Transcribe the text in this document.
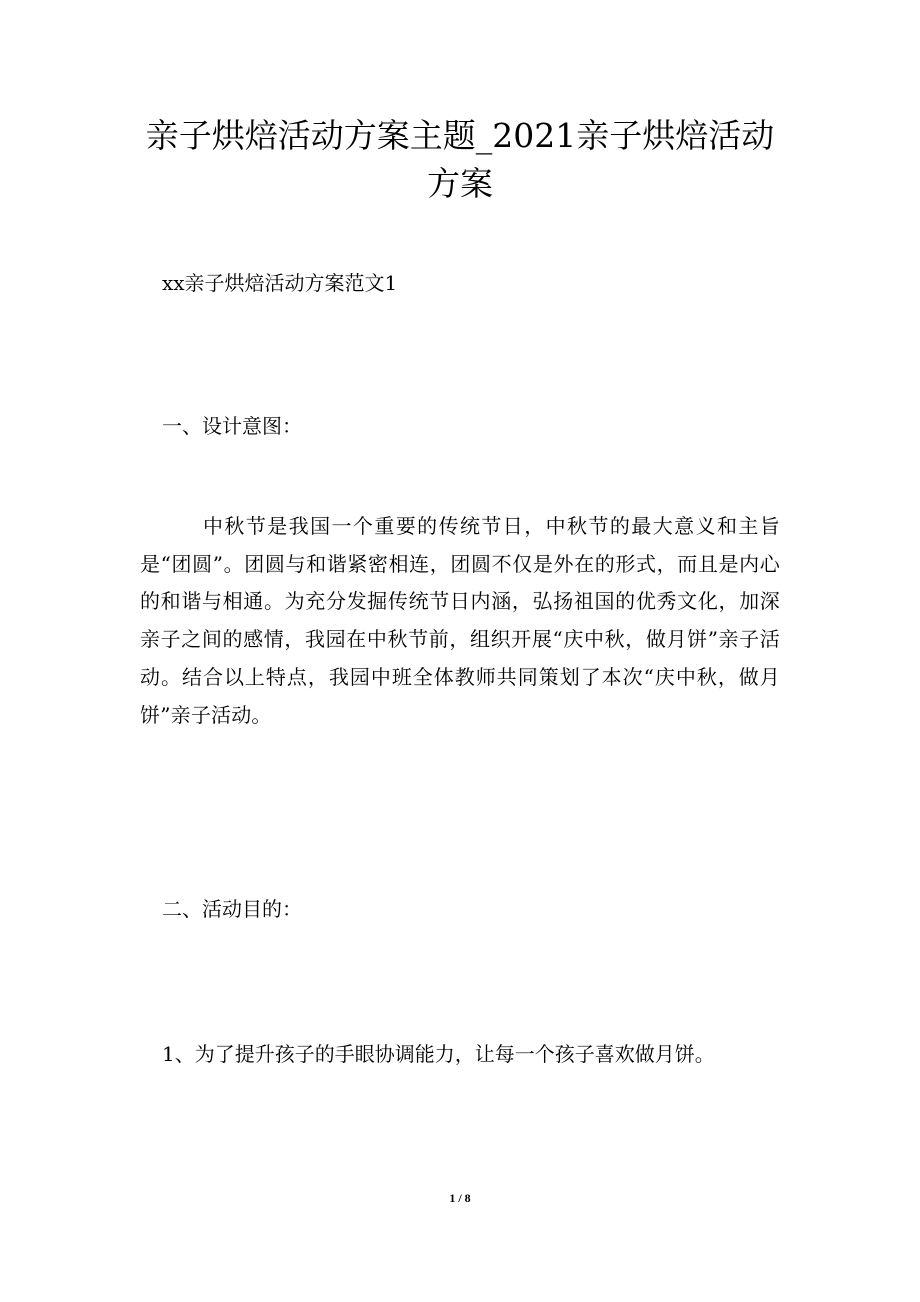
亲子烘焙活动方案主题_2021亲子烘焙活动
方案

xx亲子烘焙活动方案范文1

一、设计意图：

中秋节是我国一个重要的传统节日，中秋节的最大意义和主旨是“团圆”。团圆与和谐紧密相连，团圆不仅是外在的形式，而且是内心的和谐与相通。为充分发掘传统节日内涵，弘扬祖国的优秀文化，加深亲子之间的感情，我园在中秋节前，组织开展“庆中秋，做月饼”亲子活动。结合以上特点，我园中班全体教师共同策划了本次“庆中秋，做月饼”亲子活动。

二、活动目的：

1、为了提升孩子的手眼协调能力，让每一个孩子喜欢做月饼。

1 / 8
